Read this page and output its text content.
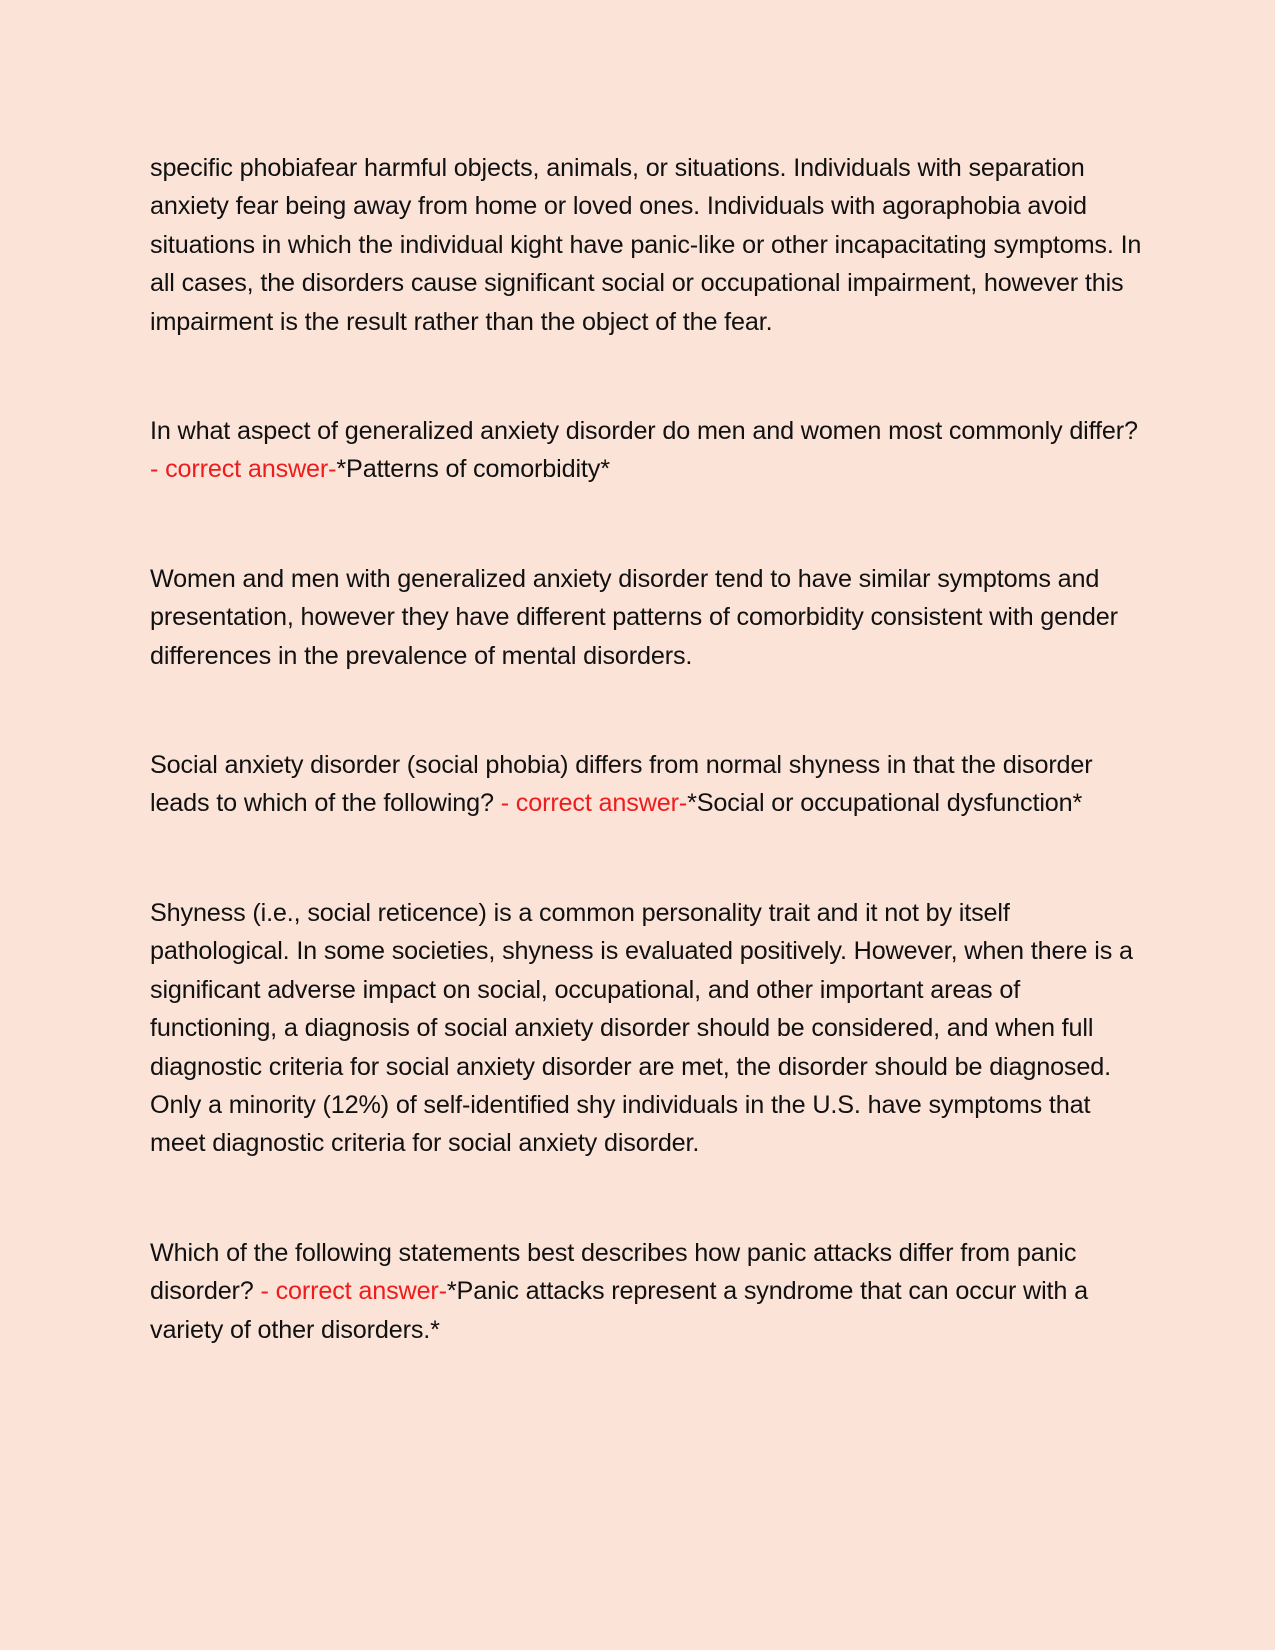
specific phobiafear harmful objects, animals, or situations. Individuals with separation anxiety fear being away from home or loved ones. Individuals with agoraphobia avoid situations in which the individual kight have panic-like or other incapacitating symptoms. In all cases, the disorders cause significant social or occupational impairment, however this impairment is the result rather than the object of the fear.

In what aspect of generalized anxiety disorder do men and women most commonly differ? - correct answer-*Patterns of comorbidity*

Women and men with generalized anxiety disorder tend to have similar symptoms and presentation, however they have different patterns of comorbidity consistent with gender differences in the prevalence of mental disorders.

Social anxiety disorder (social phobia) differs from normal shyness in that the disorder leads to which of the following? - correct answer-*Social or occupational dysfunction*

Shyness (i.e., social reticence) is a common personality trait and it not by itself pathological. In some societies, shyness is evaluated positively. However, when there is a significant adverse impact on social, occupational, and other important areas of functioning, a diagnosis of social anxiety disorder should be considered, and when full diagnostic criteria for social anxiety disorder are met, the disorder should be diagnosed. Only a minority (12%) of self-identified shy individuals in the U.S. have symptoms that meet diagnostic criteria for social anxiety disorder.

Which of the following statements best describes how panic attacks differ from panic disorder? - correct answer-*Panic attacks represent a syndrome that can occur with a variety of other disorders.*
